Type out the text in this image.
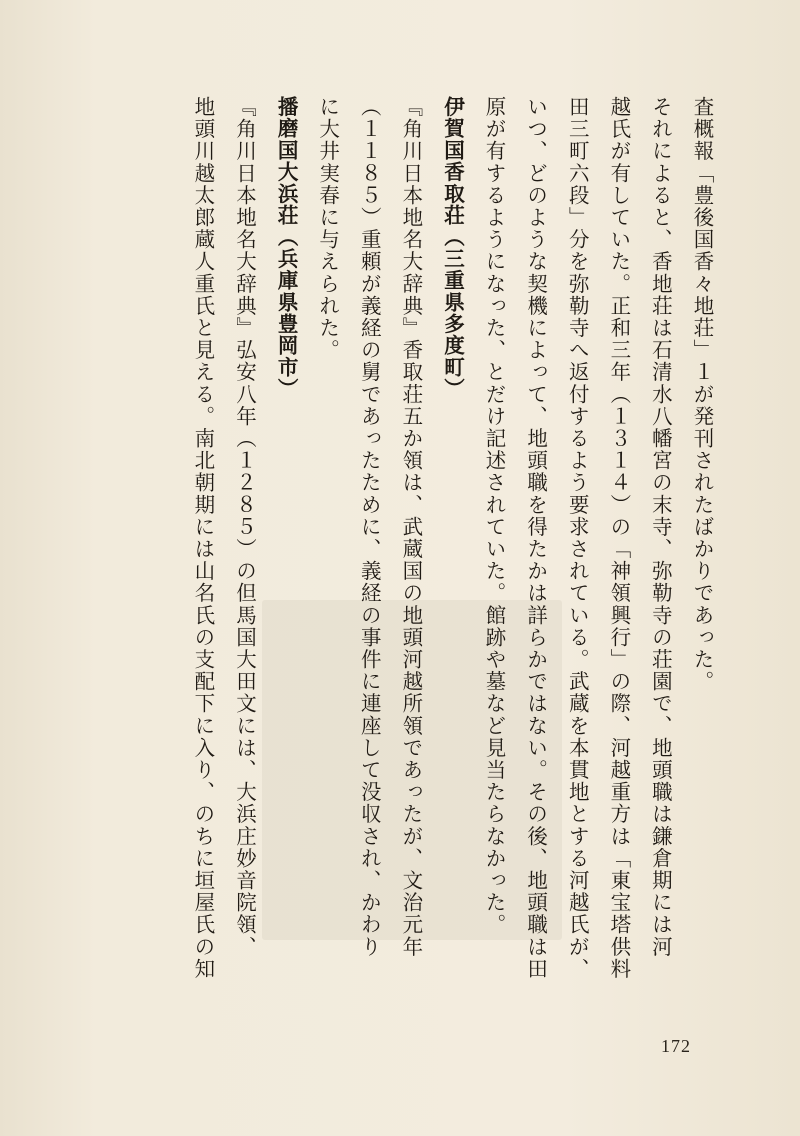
査概報「豊後国香々地荘」１が発刊されたばかりであった。
それによると、香地荘は石清水八幡宮の末寺、弥勒寺の荘園で、地頭職は鎌倉期には河
越氏が有していた。正和三年（１３１４）の「神領興行」の際、河越重方は「東宝塔供料
田三町六段」分を弥勒寺へ返付するよう要求されている。武蔵を本貫地とする河越氏が、
いつ、どのような契機によって、地頭職を得たかは詳らかではない。その後、地頭職は田
原が有するようになった、とだけ記述されていた。館跡や墓など見当たらなかった。
伊賀国香取荘（三重県多度町）
『角川日本地名大辞典』香取荘五か領は、武蔵国の地頭河越所領であったが、文治元年
（１１８５）重頼が義経の舅であったために、義経の事件に連座して没収され、かわり
に大井実春に与えられた。
播磨国大浜荘（兵庫県豊岡市）
『角川日本地名大辞典』弘安八年（１２８５）の但馬国大田文には、大浜庄妙音院領、
地頭川越太郎蔵人重氏と見える。南北朝期には山名氏の支配下に入り、のちに垣屋氏の知
172
